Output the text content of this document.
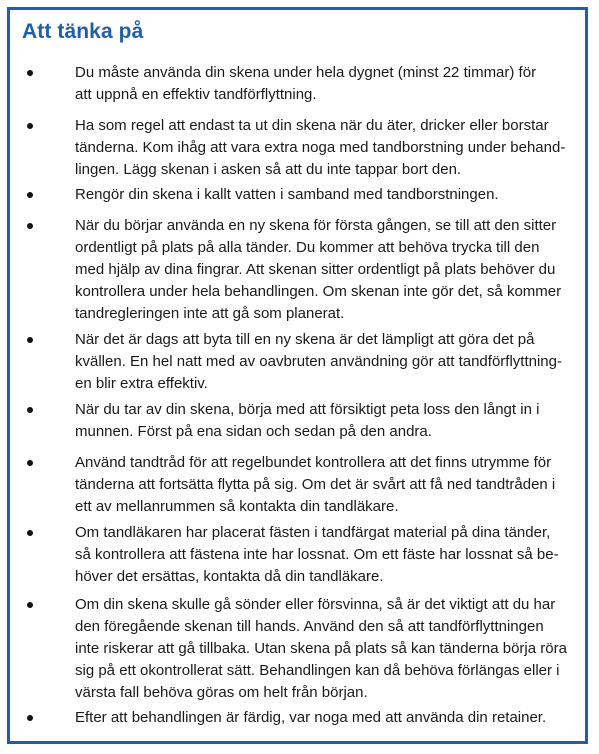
Att tänka på
Du måste använda din skena under hela dygnet (minst 22 timmar) för
att uppnå en effektiv tandförflyttning.
Ha som regel att endast ta ut din skena när du äter, dricker eller borstar
tänderna. Kom ihåg att vara extra noga med tandborstning under behand-
lingen. Lägg skenan i asken så att du inte tappar bort den.
Rengör din skena i kallt vatten i samband med tandborstningen.
När du börjar använda en ny skena för första gången, se till att den sitter
ordentligt på plats på alla tänder. Du kommer att behöva trycka till den
med hjälp av dina fingrar. Att skenan sitter ordentligt på plats behöver du
kontrollera under hela behandlingen. Om skenan inte gör det, så kommer
tandregleringen inte att gå som planerat.
När det är dags att byta till en ny skena är det lämpligt att göra det på
kvällen. En hel natt med av oavbruten användning gör att tandförflyttning-
en blir extra effektiv.
När du tar av din skena, börja med att försiktigt peta loss den långt in i
munnen. Först på ena sidan och sedan på den andra.
Använd tandtråd för att regelbundet kontrollera att det finns utrymme för
tänderna att fortsätta flytta på sig. Om det är svårt att få ned tandtråden i
ett av mellanrummen så kontakta din tandläkare.
Om tandläkaren har placerat fästen i tandfärgat material på dina tänder,
så kontrollera att fästena inte har lossnat. Om ett fäste har lossnat så be-
höver det ersättas, kontakta då din tandläkare.
Om din skena skulle gå sönder eller försvinna, så är det viktigt att du har
den föregående skenan till hands. Använd den så att tandförflyttningen
inte riskerar att gå tillbaka. Utan skena på plats så kan tänderna börja röra
sig på ett okontrollerat sätt. Behandlingen kan då behöva förlängas eller i
värsta fall behöva göras om helt från början.
Efter att behandlingen är färdig, var noga med att använda din retainer.
